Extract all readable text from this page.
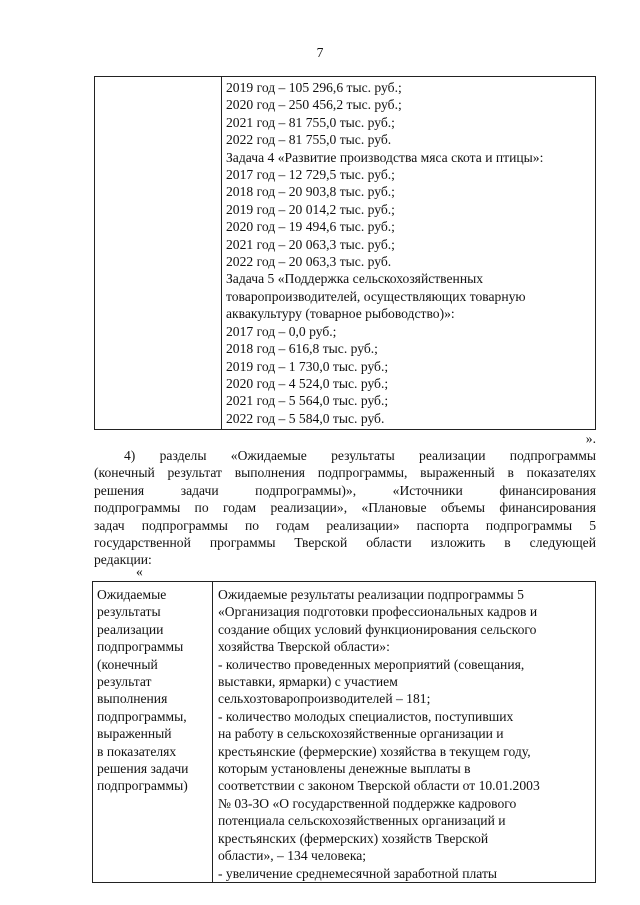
7

2019 год – 105 296,6 тыс. руб.;
2020 год – 250 456,2 тыс. руб.;
2021 год – 81 755,0 тыс. руб.;
2022 год – 81 755,0 тыс. руб.
Задача 4 «Развитие производства мяса скота и птицы»:
2017 год – 12 729,5 тыс. руб.;
2018 год – 20 903,8 тыс. руб.;
2019 год – 20 014,2 тыс. руб.;
2020 год – 19 494,6 тыс. руб.;
2021 год – 20 063,3 тыс. руб.;
2022 год – 20 063,3 тыс. руб.
Задача 5 «Поддержка сельскохозяйственных
товаропроизводителей, осуществляющих товарную
аквакультуру (товарное рыбоводство)»:
2017 год – 0,0 руб.;
2018 год – 616,8 тыс. руб.;
2019 год – 1 730,0 тыс. руб.;
2020 год – 4 524,0 тыс. руб.;
2021 год – 5 564,0 тыс. руб.;
2022 год – 5 584,0 тыс. руб.
».
4) разделы «Ожидаемые результаты реализации подпрограммы
(конечный результат выполнения подпрограммы, выраженный в показателях
решения задачи подпрограммы)», «Источники финансирования
подпрограммы по годам реализации», «Плановые объемы финансирования
задач подпрограммы по годам реализации» паспорта подпрограммы 5
государственной программы Тверской области изложить в следующей
редакции:
«
Ожидаемые
результаты
реализации
подпрограммы
(конечный
результат
выполнения
подпрограммы,
выраженный
в показателях
решения задачи
подпрограммы)

Ожидаемые результаты реализации подпрограммы 5
«Организация подготовки профессиональных кадров и
создание общих условий функционирования сельского
хозяйства Тверской области»:
- количество проведенных мероприятий (совещания,
выставки, ярмарки) с участием
сельхозтоваропроизводителей – 181;
- количество молодых специалистов, поступивших
на работу в сельскохозяйственные организации и
крестьянские (фермерские) хозяйства в текущем году,
которым установлены денежные выплаты в
соответствии с законом Тверской области от 10.01.2003
№ 03-ЗО «О государственной поддержке кадрового
потенциала сельскохозяйственных организаций и
крестьянских (фермерских) хозяйств Тверской
области», – 134 человека;
- увеличение среднемесячной заработной платы
